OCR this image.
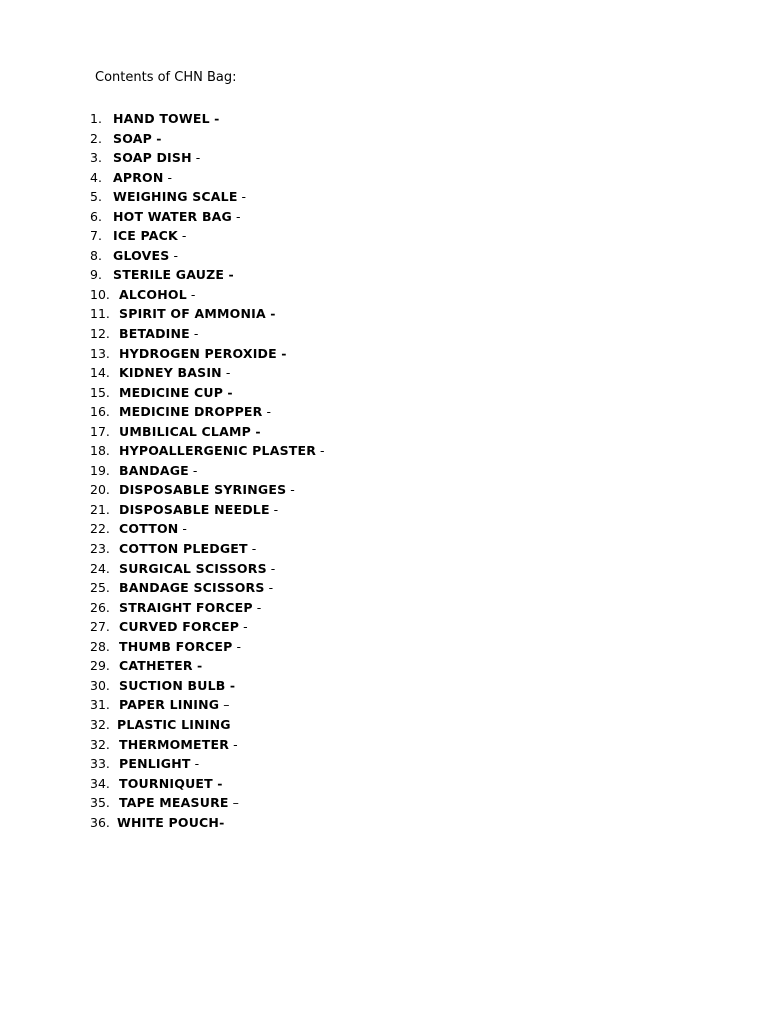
Contents of CHN Bag:

1. HAND TOWEL -
2. SOAP -
3. SOAP DISH -
4. APRON -
5. WEIGHING SCALE -
6. HOT WATER BAG -
7. ICE PACK -
8. GLOVES -
9. STERILE GAUZE -
10. ALCOHOL -
11. SPIRIT OF AMMONIA -
12. BETADINE -
13. HYDROGEN PEROXIDE -
14. KIDNEY BASIN -
15. MEDICINE CUP -
16. MEDICINE DROPPER -
17. UMBILICAL CLAMP -
18. HYPOALLERGENIC PLASTER -
19. BANDAGE -
20. DISPOSABLE SYRINGES -
21. DISPOSABLE NEEDLE -
22. COTTON -
23. COTTON PLEDGET -
24. SURGICAL SCISSORS -
25. BANDAGE SCISSORS -
26. STRAIGHT FORCEP -
27. CURVED FORCEP -
28. THUMB FORCEP -
29. CATHETER -
30. SUCTION BULB -
31. PAPER LINING –
32. PLASTIC LINING
32. THERMOMETER -
33. PENLIGHT -
34. TOURNIQUET -
35. TAPE MEASURE –
36. WHITE POUCH-
